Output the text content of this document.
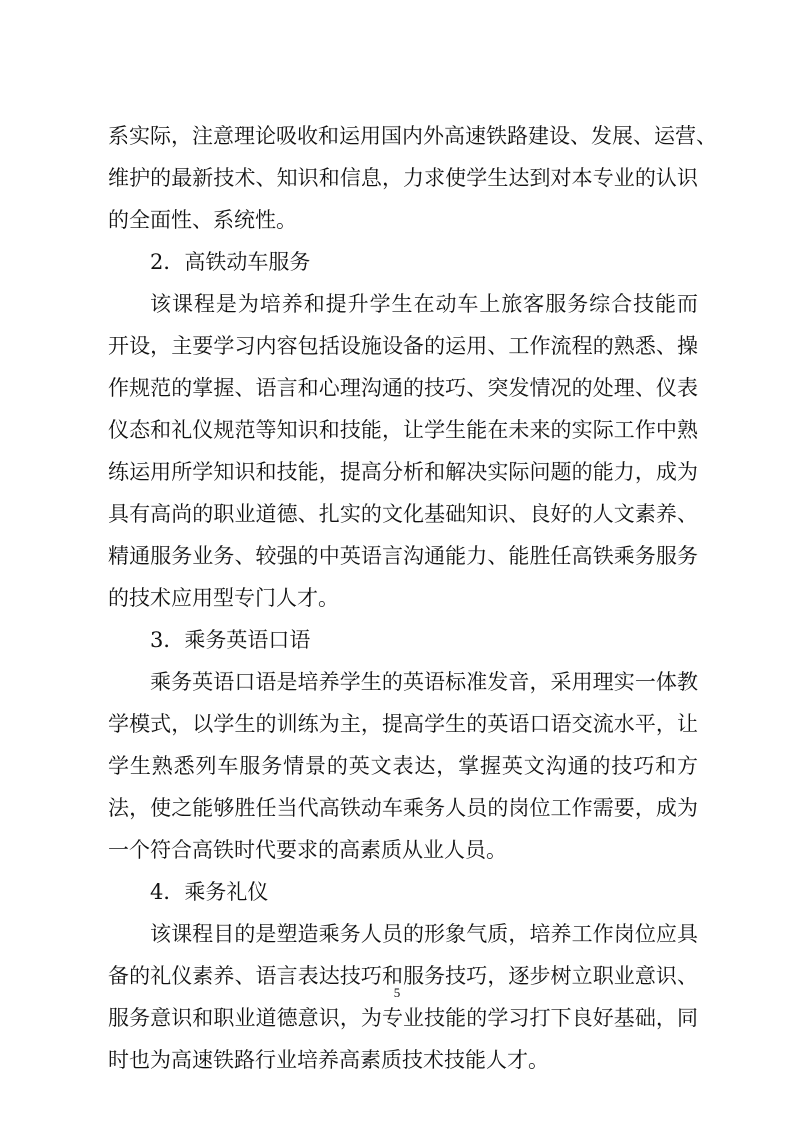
系实际，注意理论吸收和运用国内外高速铁路建设、发展、运营、

维护的最新技术、知识和信息，力求使学生达到对本专业的认识

的全面性、系统性。

2．高铁动车服务

该课程是为培养和提升学生在动车上旅客服务综合技能而

开设，主要学习内容包括设施设备的运用、工作流程的熟悉、操

作规范的掌握、语言和心理沟通的技巧、突发情况的处理、仪表

仪态和礼仪规范等知识和技能，让学生能在未来的实际工作中熟

练运用所学知识和技能，提高分析和解决实际问题的能力，成为

具有高尚的职业道德、扎实的文化基础知识、良好的人文素养、

精通服务业务、较强的中英语言沟通能力、能胜任高铁乘务服务

的技术应用型专门人才。

3．乘务英语口语

乘务英语口语是培养学生的英语标准发音，采用理实一体教

学模式，以学生的训练为主，提高学生的英语口语交流水平，让

学生熟悉列车服务情景的英文表达，掌握英文沟通的技巧和方

法，使之能够胜任当代高铁动车乘务人员的岗位工作需要，成为

一个符合高铁时代要求的高素质从业人员。

4．乘务礼仪

该课程目的是塑造乘务人员的形象气质，培养工作岗位应具

备的礼仪素养、语言表达技巧和服务技巧，逐步树立职业意识、

服务意识和职业道德意识，为专业技能的学习打下良好基础，同

时也为高速铁路行业培养高素质技术技能人才。

5
